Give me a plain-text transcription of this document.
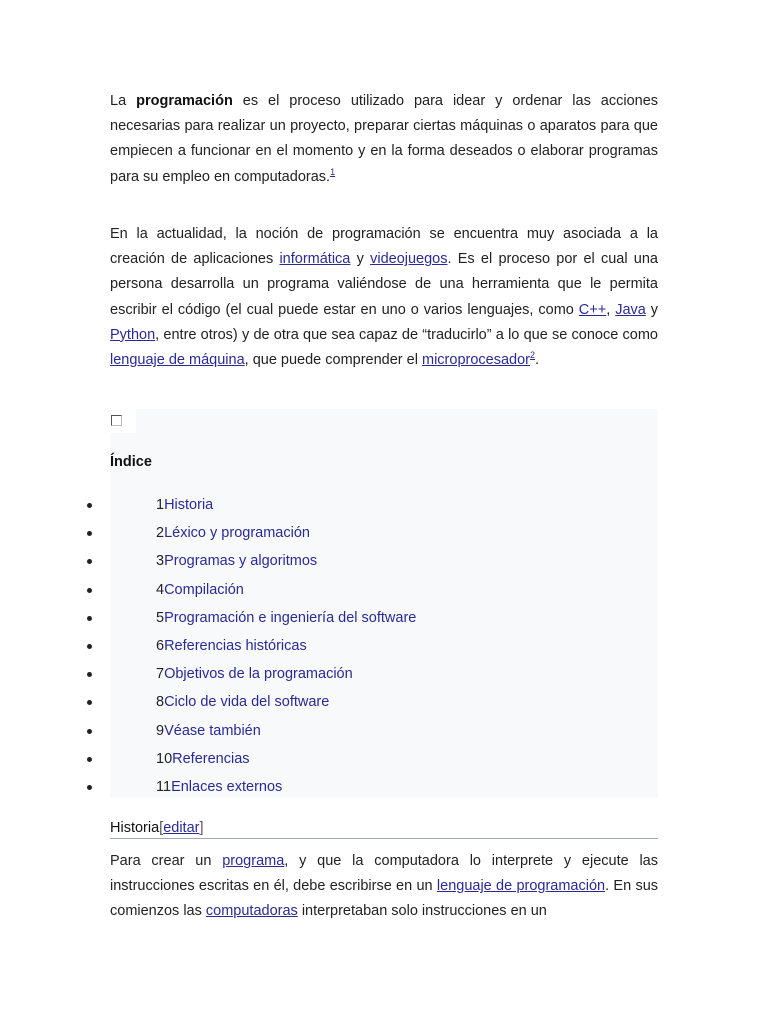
La programación es el proceso utilizado para idear y ordenar las acciones necesarias para realizar un proyecto, preparar ciertas máquinas o aparatos para que empiecen a funcionar en el momento y en la forma deseados o elaborar programas para su empleo en computadoras.$^1$

En la actualidad, la noción de programación se encuentra muy asociada a la creación de aplicaciones informática y videojuegos. Es el proceso por el cual una persona desarrolla un programa valiéndose de una herramienta que le permita escribir el código (el cual puede estar en uno o varios lenguajes, como C++, Java y Python, entre otros) y de otra que sea capaz de “traducirlo” a lo que se conoce como lenguaje de máquina, que puede comprender el microprocesador$^2$.

Índice
1Historia
2Léxico y programación
3Programas y algoritmos
4Compilación
5Programación e ingeniería del software
6Referencias históricas
7Objetivos de la programación
8Ciclo de vida del software
9Véase también
10Referencias
11Enlaces externos
Historia[editar]

Para crear un programa, y que la computadora lo interprete y ejecute las instrucciones escritas en él, debe escribirse en un lenguaje de programación. En sus comienzos las computadoras interpretaban solo instrucciones en un
